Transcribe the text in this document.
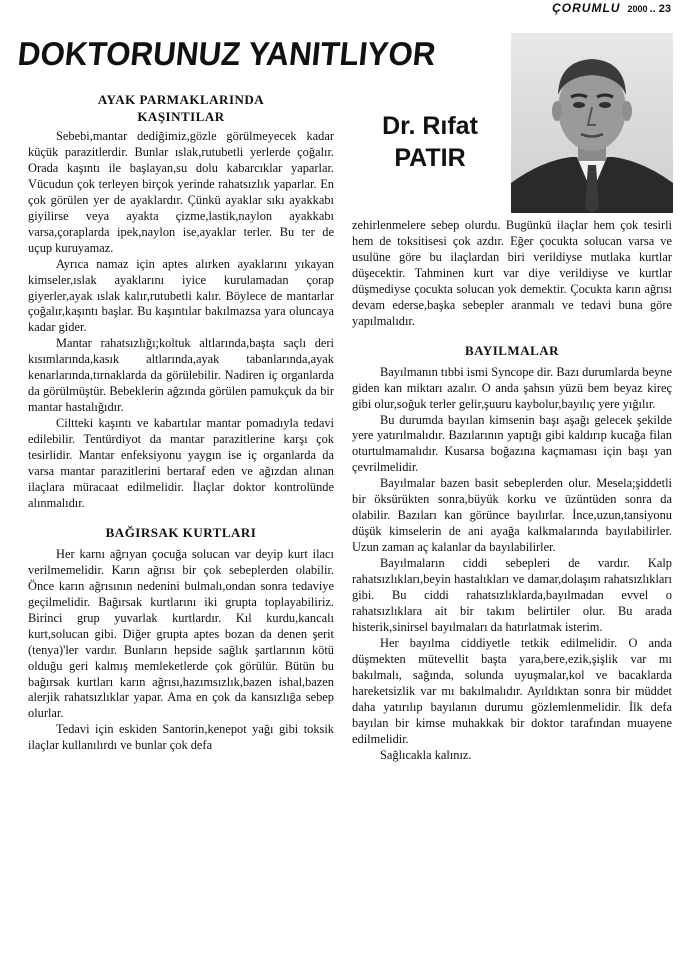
ÇORUMLU 2000 .. 23
DOKTORUNUZ YANITLIYOR
Dr. Rıfat
PATIR
AYAK PARMAKLARINDA
KAŞINTILAR

Sebebi,mantar dediğimiz,gözle görülmeyecek kadar küçük parazitlerdir. Bunlar ıslak,rutubetli yerlerde çoğalır. Orada kaşıntı ile başlayan,su dolu kabarcıklar yaparlar. Vücudun çok terleyen birçok yerinde rahatsızlık yaparlar. En çok görülen yer de ayaklardır. Çünkü ayaklar sıkı ayakkabı giyilirse veya ayakta çizme,lastik,naylon ayakkabı varsa,çoraplarda ipek,naylon ise,ayaklar terler. Bu ter de uçup kuruyamaz.

Ayrıca namaz için aptes alırken ayaklarını yıkayan kimseler,ıslak ayaklarını iyice kurulamadan çorap giyerler,ayak ıslak kalır,rutubetli kalır. Böylece de mantarlar çoğalır,kaşıntı başlar. Bu kaşıntılar bakılmazsa yara oluncaya kadar gider.

Mantar rahatsızlığı;koltuk altlarında,başta saçlı deri kısımlarında,kasık altlarında,ayak tabanlarında,ayak kenarlarında,tırnaklarda da görülebilir. Nadiren iç organlarda da görülmüştür. Bebeklerin ağzında görülen pamukçuk da bir mantar hastalığıdır.

Ciltteki kaşıntı ve kabartılar mantar pomadıyla tedavi edilebilir. Tentürdiyot da mantar parazitlerine karşı çok tesirlidir. Mantar enfeksiyonu yaygın ise iç organlarda da varsa mantar parazitlerini bertaraf eden ve ağızdan alınan ilaçlara müracaat edilmelidir. İlaçlar doktor kontrolünde alınmalıdır.

BAĞIRSAK KURTLARI

Her karnı ağrıyan çocuğa solucan var deyip kurt ilacı verilmemelidir. Karın ağrısı bir çok sebeplerden olabilir. Önce karın ağrısının nedenini bulmalı,ondan sonra tedaviye geçilmelidir. Bağırsak kurtlarını iki grupta toplayabiliriz. Birinci grup yuvarlak kurtlardır. Kıl kurdu,kancalı kurt,solucan gibi. Diğer grupta aptes bozan da denen şerit (tenya)'ler vardır. Bunların hepside sağlık şartlarının kötü olduğu geri kalmış memleketlerde çok görülür. Bütün bu bağırsak kurtları karın ağrısı,hazımsızlık,bazen ishal,bazen alerjik rahatsızlıklar yapar. Ama en çok da kansızlığa sebep olurlar.

Tedavi için eskiden Santorin,kenepot yağı gibi toksik ilaçlar kullanılırdı ve bunlar çok defa

zehirlenmelere sebep olurdu. Bugünkü ilaçlar hem çok tesirli hem de toksitisesi çok azdır. Eğer çocukta solucan varsa ve usulüne göre bu ilaçlardan biri verildiyse mutlaka kurtlar düşecektir. Tahminen kurt var diye verildiyse ve kurtlar düşmediyse çocukta solucan yok demektir. Çocukta karın ağrısı devam ederse,başka sebepler aranmalı ve tedavi buna göre yapılmalıdır.

BAYILMALAR

Bayılmanın tıbbi ismi Syncope dir. Bazı durumlarda beyne giden kan miktarı azalır. O anda şahsın yüzü bem beyaz kireç gibi olur,soğuk terler gelir,şuuru kaybolur,bayılıç yere yığılır.

Bu durumda bayılan kimsenin başı aşağı gelecek şekilde yere yatırılmalıdır. Bazılarının yaptığı gibi kaldırıp kucağa filan oturtulmamalıdır. Kusarsa boğazına kaçmaması için başı yan çevrilmelidir.

Bayılmalar bazen basit sebeplerden olur. Mesela;şiddetli bir öksürükten sonra,büyük korku ve üzüntüden sonra da olabilir. Bazıları kan görünce bayılırlar. İnce,uzun,tansiyonu düşük kimselerin de ani ayağa kalkmalarında bayılabilirler. Uzun zaman aç kalanlar da bayılabilirler.

Bayılmaların ciddi sebepleri de vardır. Kalp rahatsızlıkları,beyin hastalıkları ve damar,dolaşım rahatsızlıkları gibi. Bu ciddi rahatsızlıklarda,bayılmadan evvel o rahatsızlıklara ait bir takım belirtiler olur. Bu arada histerik,sinirsel bayılmaları da hatırlatmak isterim.

Her bayılma ciddiyetle tetkik edilmelidir. O anda düşmekten mütevellit başta yara,bere,ezik,şişlik var mı bakılmalı, sağında, solunda uyuşmalar,kol ve bacaklarda hareketsizlik var mı bakılmalıdır. Ayıldıktan sonra bir müddet daha yatırılıp bayılanın durumu gözlemlenmelidir. İlk defa bayılan bir kimse muhakkak bir doktor tarafından muayene edilmelidir.

Sağlıcakla kalınız.
